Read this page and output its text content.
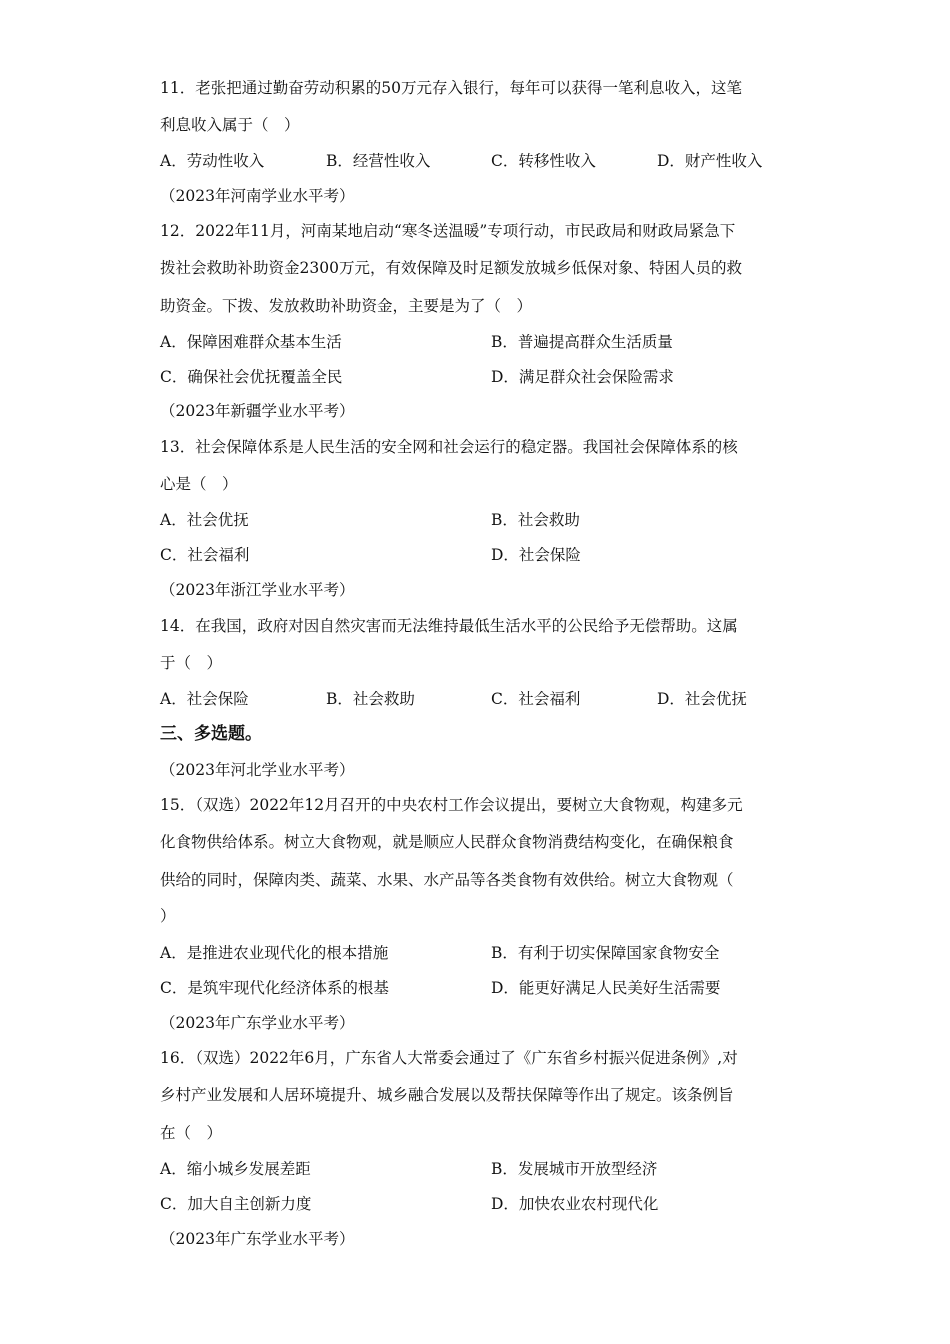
11．老张把通过勤奋劳动积累的50万元存入银行，每年可以获得一笔利息收入，这笔
利息收入属于（　）
A．劳动性收入	B．经营性收入	C．转移性收入	D．财产性收入
（2023年河南学业水平考）
12．2022年11月，河南某地启动“寒冬送温暖”专项行动，市民政局和财政局紧急下
拨社会救助补助资金2300万元，有效保障及时足额发放城乡低保对象、特困人员的救
助资金。下拨、发放救助补助资金，主要是为了（　）
A．保障困难群众基本生活	B．普遍提高群众生活质量
C．确保社会优抚覆盖全民	D．满足群众社会保险需求
（2023年新疆学业水平考）
13．社会保障体系是人民生活的安全网和社会运行的稳定器。我国社会保障体系的核
心是（　）
A．社会优抚	B．社会救助
C．社会福利	D．社会保险
（2023年浙江学业水平考）
14．在我国，政府对因自然灾害而无法维持最低生活水平的公民给予无偿帮助。这属
于（　）
A．社会保险	B．社会救助	C．社会福利	D．社会优抚
三、多选题。
（2023年河北学业水平考）
15．（双选）2022年12月召开的中央农村工作会议提出，要树立大食物观，构建多元
化食物供给体系。树立大食物观，就是顺应人民群众食物消费结构变化，在确保粮食
供给的同时，保障肉类、蔬菜、水果、水产品等各类食物有效供给。树立大食物观（
）
A．是推进农业现代化的根本措施	B．有利于切实保障国家食物安全
C．是筑牢现代化经济体系的根基	D．能更好满足人民美好生活需要
（2023年广东学业水平考）
16．（双选）2022年6月，广东省人大常委会通过了《广东省乡村振兴促进条例》,对
乡村产业发展和人居环境提升、城乡融合发展以及帮扶保障等作出了规定。该条例旨
在（　）
A．缩小城乡发展差距	B．发展城市开放型经济
C．加大自主创新力度	D．加快农业农村现代化
（2023年广东学业水平考）
